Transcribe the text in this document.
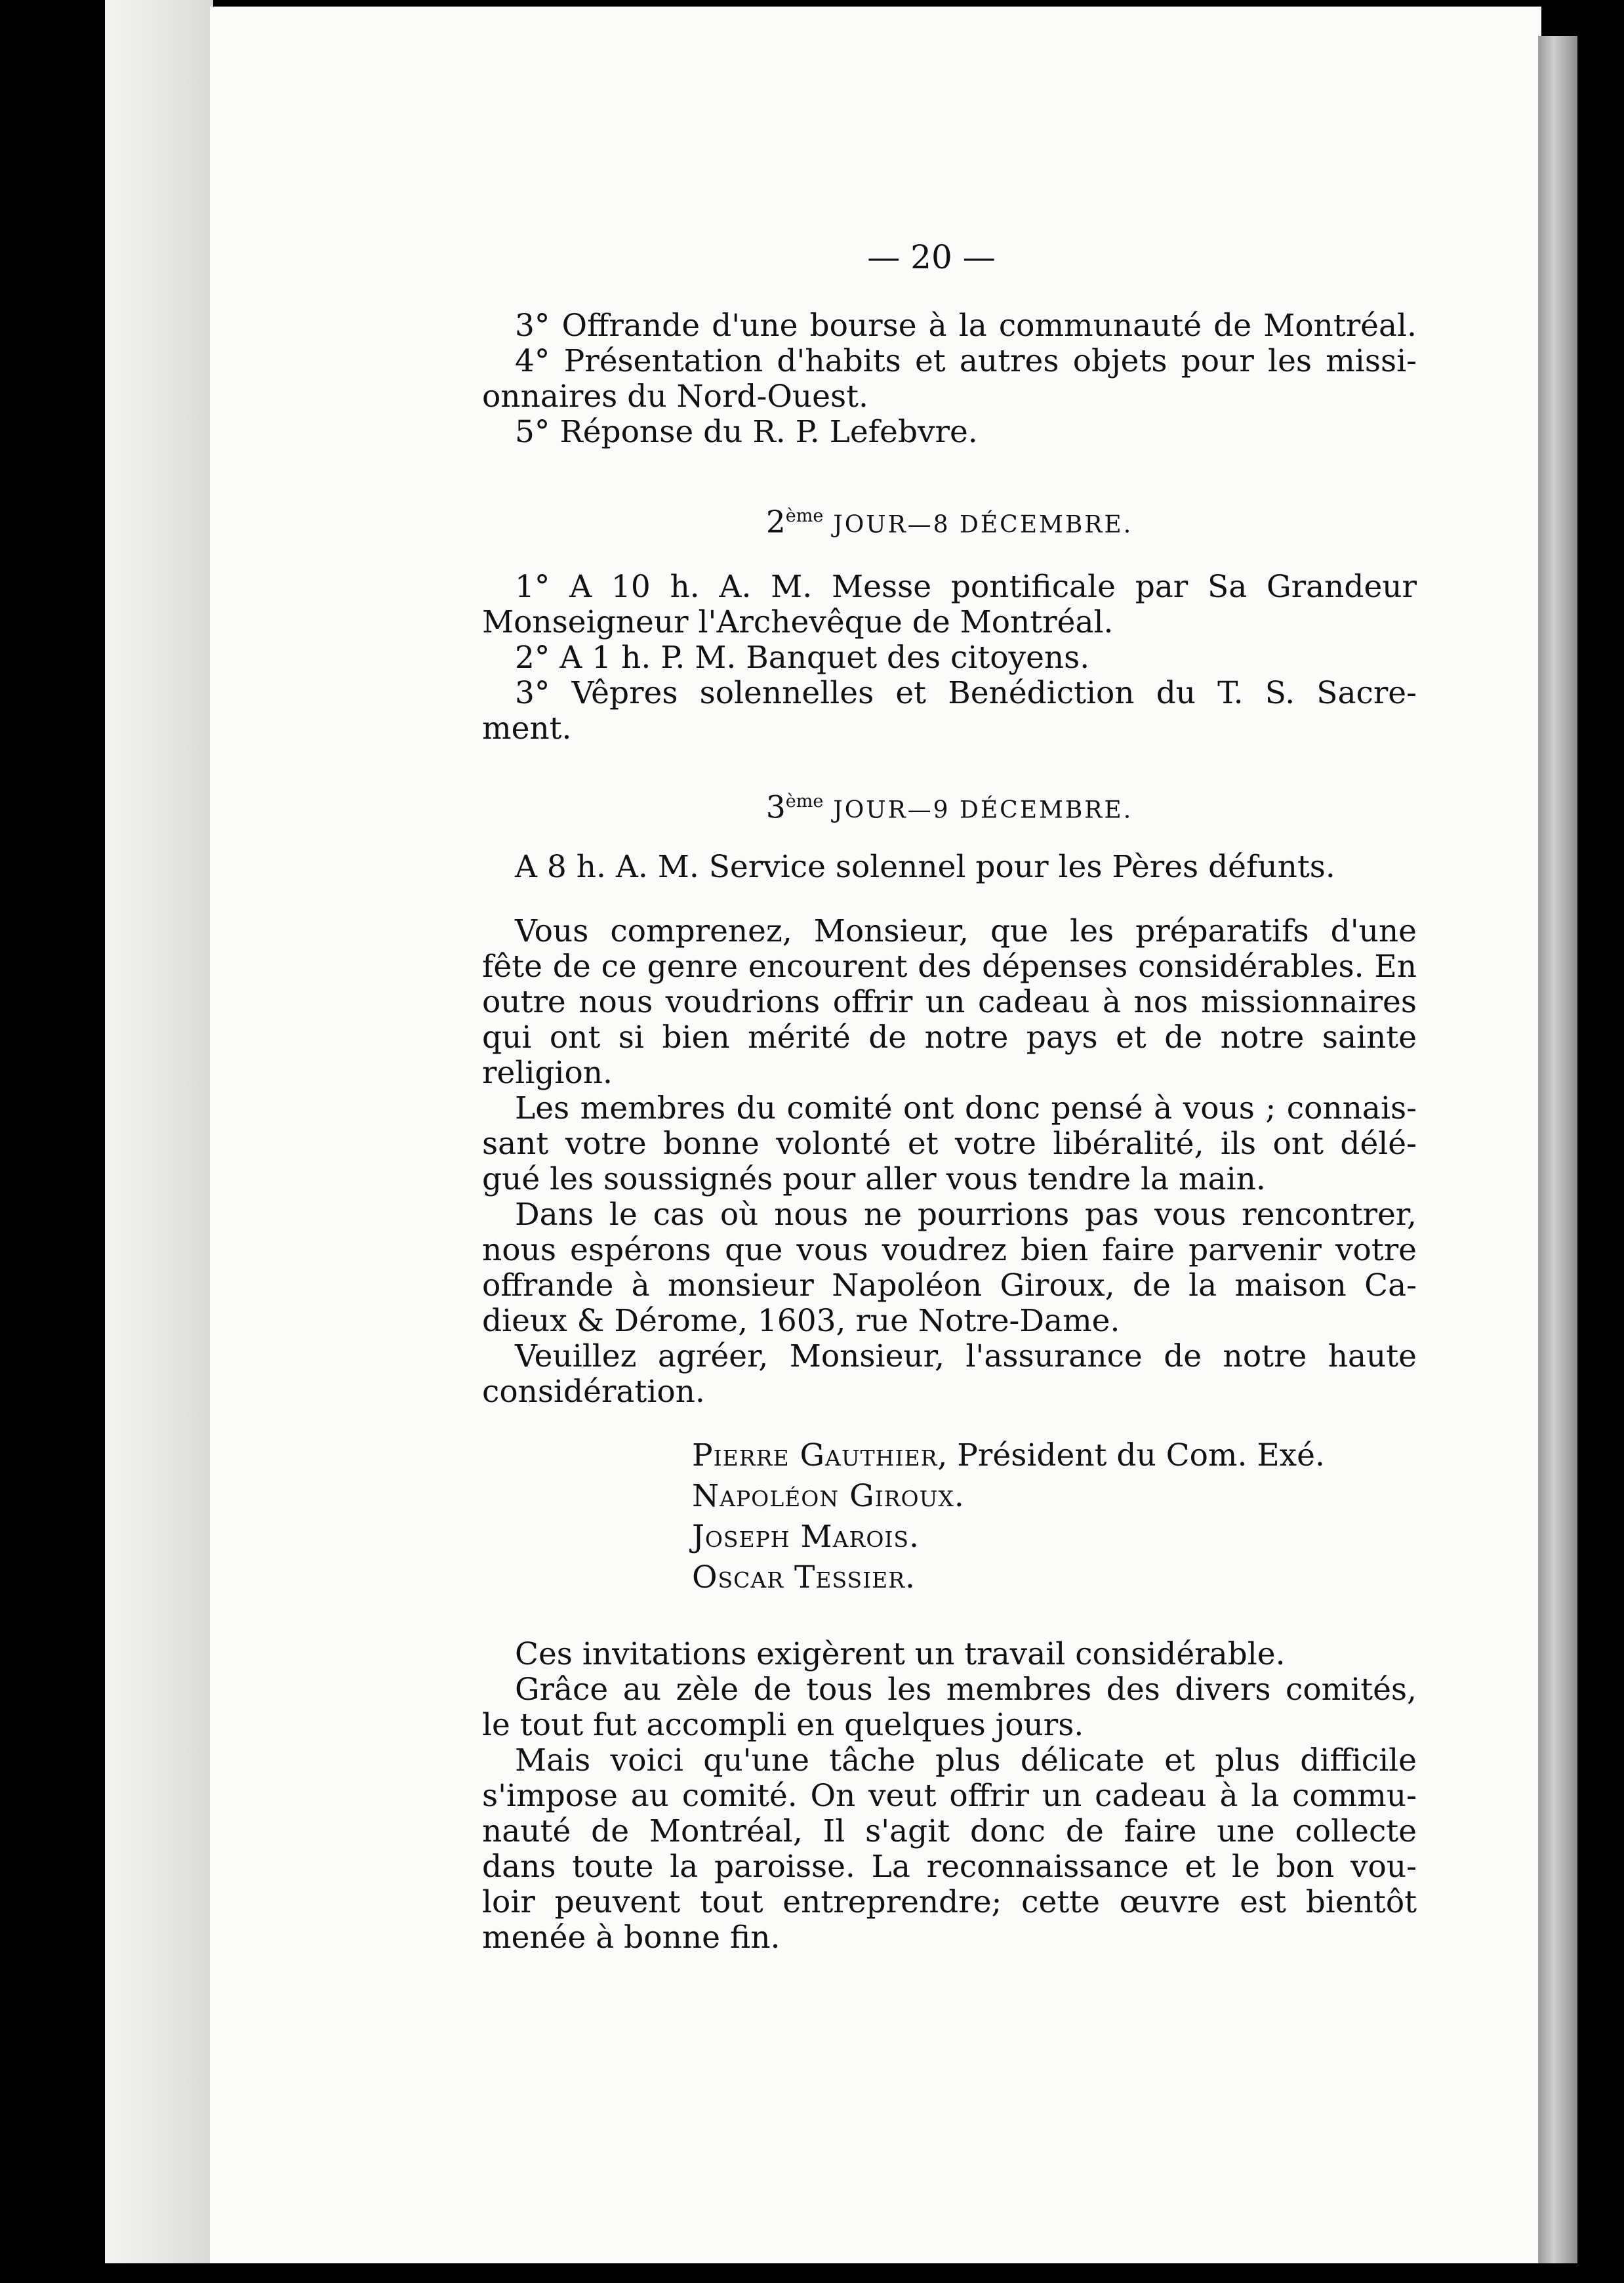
— 20 —
3° Offrande d'une bourse à la communauté de Montréal.
4° Présentation d'habits et autres objets pour les missi-
onnaires du Nord-Ouest.
5° Réponse du R. P. Lefebvre.
2ème JOUR—8 DÉCEMBRE.
1° A 10 h. A. M. Messe pontificale par Sa Grandeur
Monseigneur l'Archevêque de Montréal.
2° A 1 h. P. M. Banquet des citoyens.
3° Vêpres solennelles et Benédiction du T. S. Sacre-
ment.
3ème JOUR—9 DÉCEMBRE.
A 8 h. A. M. Service solennel pour les Pères défunts.
Vous comprenez, Monsieur, que les préparatifs d'une
fête de ce genre encourent des dépenses considérables. En
outre nous voudrions offrir un cadeau à nos missionnaires
qui ont si bien mérité de notre pays et de notre sainte
religion.
Les membres du comité ont donc pensé à vous ; connais-
sant votre bonne volonté et votre libéralité, ils ont délé-
gué les soussignés pour aller vous tendre la main.
Dans le cas où nous ne pourrions pas vous rencontrer,
nous espérons que vous voudrez bien faire parvenir votre
offrande à monsieur Napoléon Giroux, de la maison Ca-
dieux & Dérome, 1603, rue Notre-Dame.
Veuillez agréer, Monsieur, l'assurance de notre haute
considération.
Pierre Gauthier, Président du Com. Exé.
Napoléon Giroux.
Joseph Marois.
Oscar Tessier.
Ces invitations exigèrent un travail considérable.
Grâce au zèle de tous les membres des divers comités,
le tout fut accompli en quelques jours.
Mais voici qu'une tâche plus délicate et plus difficile
s'impose au comité. On veut offrir un cadeau à la commu-
nauté de Montréal, Il s'agit donc de faire une collecte
dans toute la paroisse. La reconnaissance et le bon vou-
loir peuvent tout entreprendre; cette œuvre est bientôt
menée à bonne fin.
